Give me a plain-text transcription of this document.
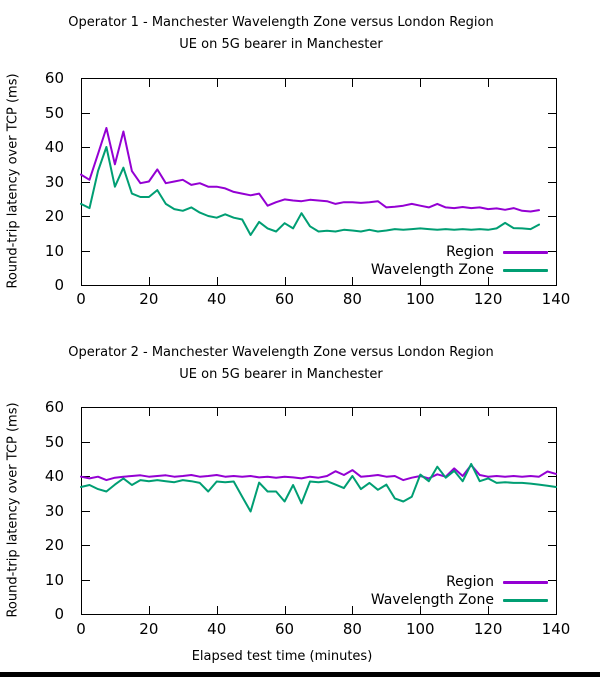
Operator 1 - Manchester Wavelength Zone versus London Region
UE on 5G bearer in Manchester
Round-trip latency over TCP (ms)	Region
Wavelength Zone
Operator 2 - Manchester Wavelength Zone versus London Region
UE on 5G bearer in Manchester
Round-trip latency over TCP (ms)	Region
Wavelength Zone
Elapsed test time (minutes)
0	20	40	60	80	100	120	140
0
10
20
30
40
50
60
0	20	40	60	80	100	120	140
0
10
20
30
40
50
60
